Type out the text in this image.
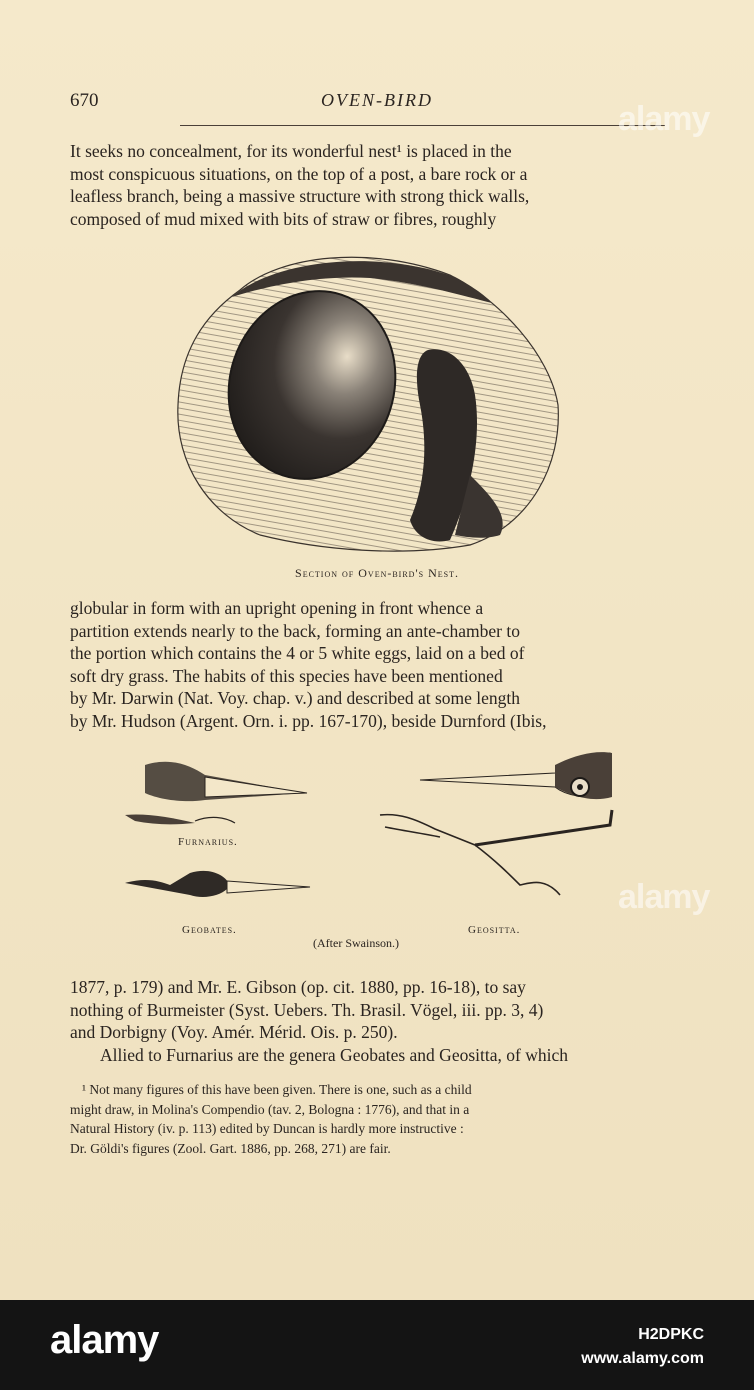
670	OVEN-BIRD
It seeks no concealment, for its wonderful nest¹ is placed in the
most conspicuous situations, on the top of a post, a bare rock or a
leafless branch, being a massive structure with strong thick walls,
composed of mud mixed with bits of straw or fibres, roughly
Section of Oven-bird's Nest.
globular in form with an upright opening in front whence a
partition extends nearly to the back, forming an ante-chamber to
the portion which contains the 4 or 5 white eggs, laid on a bed of
soft dry grass. The habits of this species have been mentioned
by Mr. Darwin (Nat. Voy. chap. v.) and described at some length
by Mr. Hudson (Argent. Orn. i. pp. 167-170), beside Durnford (Ibis,
Furnarius.
Geobates.	Geositta.
(After Swainson.)
1877, p. 179) and Mr. E. Gibson (op. cit. 1880, pp. 16-18), to say
nothing of Burmeister (Syst. Uebers. Th. Brasil. Vögel, iii. pp. 3, 4)
and Dorbigny (Voy. Amér. Mérid. Ois. p. 250).
Allied to Furnarius are the genera Geobates and Geositta, of which
¹ Not many figures of this have been given. There is one, such as a child
might draw, in Molina's Compendio (tav. 2, Bologna : 1776), and that in a
Natural History (iv. p. 113) edited by Duncan is hardly more instructive :
Dr. Göldi's figures (Zool. Gart. 1886, pp. 268, 271) are fair.
alamy
alamy
alamy	H2DPKC
www.alamy.com
